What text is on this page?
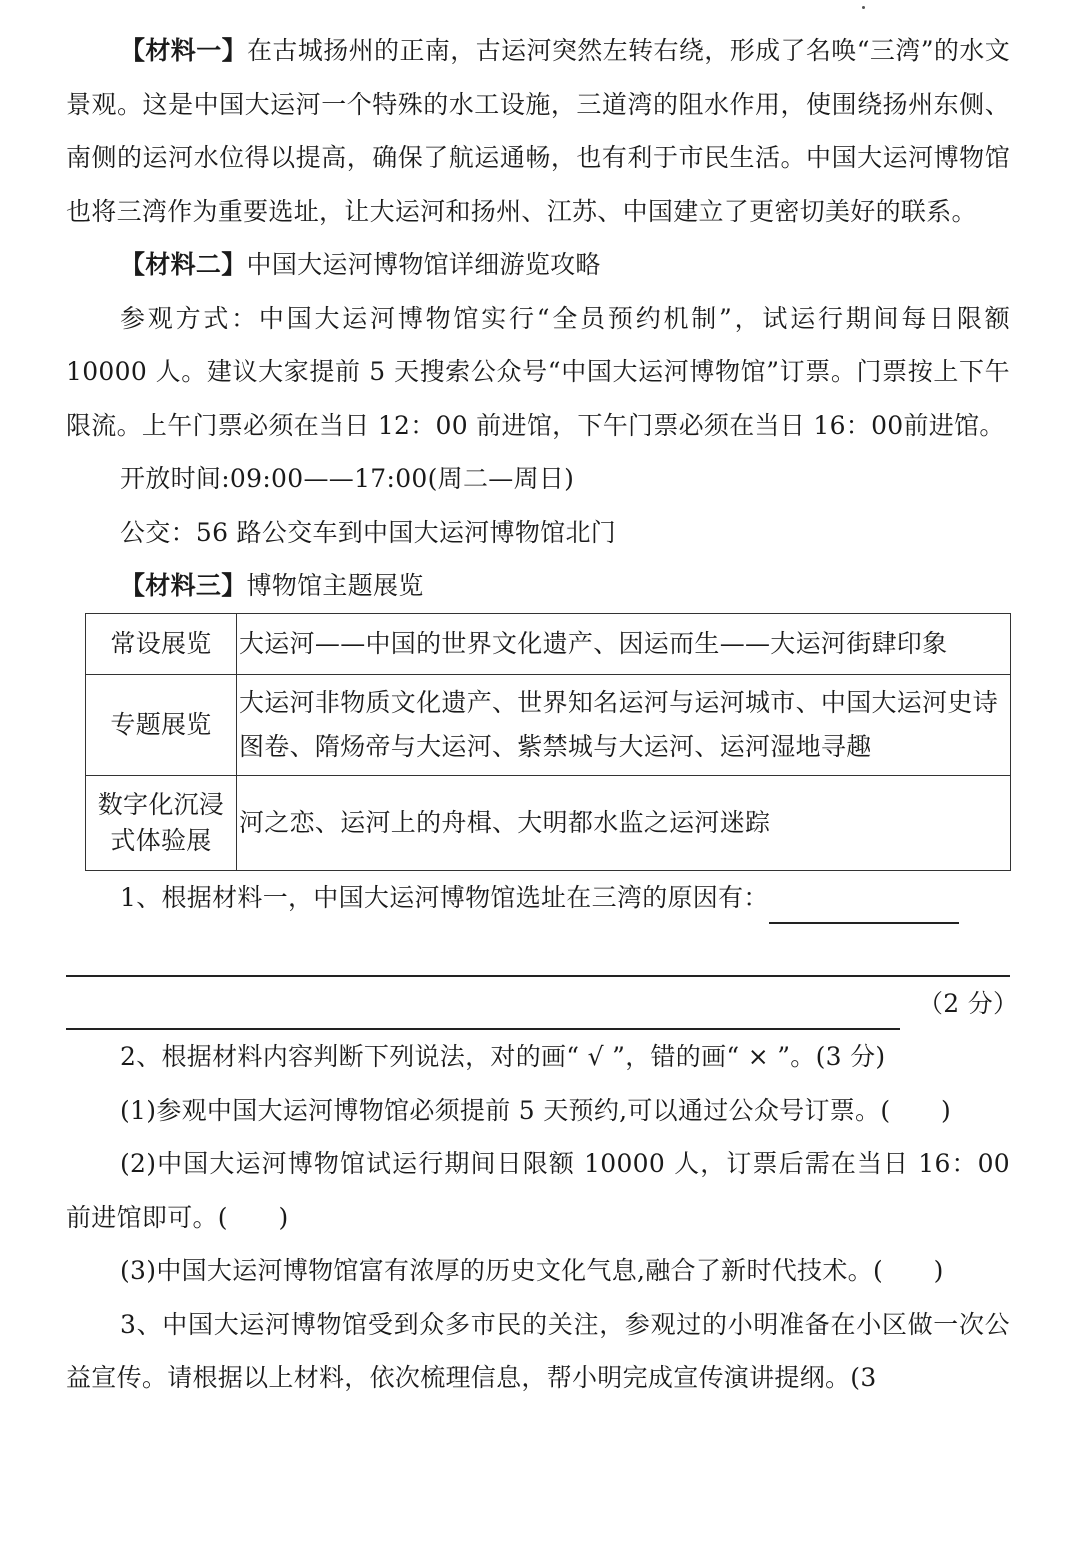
【材料一】在古城扬州的正南，古运河突然左转右绕，形成了名唤“三湾”的水文景观。这是中国大运河一个特殊的水工设施，三道湾的阻水作用，使围绕扬州东侧、南侧的运河水位得以提高，确保了航运通畅，也有利于市民生活。中国大运河博物馆也将三湾作为重要选址，让大运河和扬州、江苏、中国建立了更密切美好的联系。

【材料二】中国大运河博物馆详细游览攻略

参观方式：中国大运河博物馆实行“全员预约机制”，试运行期间每日限额10000 人。建议大家提前 5 天搜索公众号“中国大运河博物馆”订票。门票按上下午限流。上午门票必须在当日 12：00 前进馆，下午门票必须在当日 16：00前进馆。

开放时间:09:00——17:00(周二—周日)

公交：56 路公交车到中国大运河博物馆北门

【材料三】博物馆主题展览

常设展览	大运河——中国的世界文化遗产、因运而生——大运河街肆印象
专题展览	大运河非物质文化遗产、世界知名运河与运河城市、中国大运河史诗图卷、隋炀帝与大运河、紫禁城与大运河、运河湿地寻趣
数字化沉浸式体验展	河之恋、运河上的舟楫、大明都水监之运河迷踪

1、根据材料一，中国大运河博物馆选址在三湾的原因有：

（2 分）

2、根据材料内容判断下列说法，对的画“ √ ”，错的画“ × ”。(3 分)

(1)参观中国大运河博物馆必须提前 5 天预约,可以通过公众号订票。(　　)

(2)中国大运河博物馆试运行期间日限额 10000 人，订票后需在当日 16：00 前进馆即可。(　　)

(3)中国大运河博物馆富有浓厚的历史文化气息,融合了新时代技术。(　　)

3、中国大运河博物馆受到众多市民的关注，参观过的小明准备在小区做一次公益宣传。请根据以上材料，依次梳理信息，帮小明完成宣传演讲提纲。(3
